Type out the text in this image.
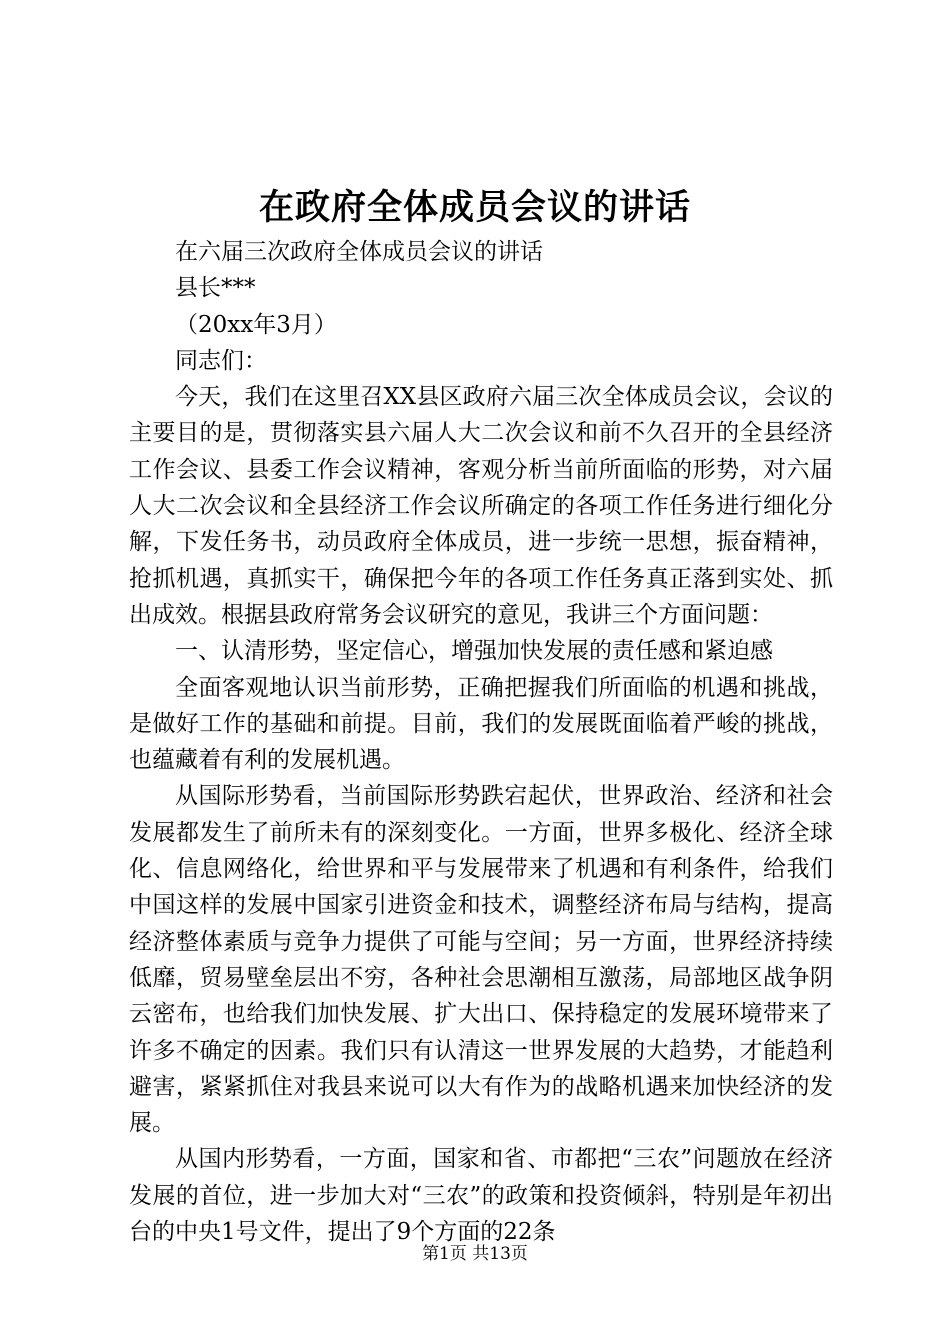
在政府全体成员会议的讲话

在六届三次政府全体成员会议的讲话

县长***

（20xx年3月）

同志们：

今天，我们在这里召XX县区政府六届三次全体成员会议，会议的主要目的是，贯彻落实县六届人大二次会议和前不久召开的全县经济工作会议、县委工作会议精神，客观分析当前所面临的形势，对六届人大二次会议和全县经济工作会议所确定的各项工作任务进行细化分解，下发任务书，动员政府全体成员，进一步统一思想，振奋精神，抢抓机遇，真抓实干，确保把今年的各项工作任务真正落到实处、抓出成效。根据县政府常务会议研究的意见，我讲三个方面问题：

一、认清形势，坚定信心，增强加快发展的责任感和紧迫感

全面客观地认识当前形势，正确把握我们所面临的机遇和挑战，是做好工作的基础和前提。目前，我们的发展既面临着严峻的挑战，也蕴藏着有利的发展机遇。

从国际形势看，当前国际形势跌宕起伏，世界政治、经济和社会发展都发生了前所未有的深刻变化。一方面，世界多极化、经济全球化、信息网络化，给世界和平与发展带来了机遇和有利条件，给我们中国这样的发展中国家引进资金和技术，调整经济布局与结构，提高经济整体素质与竞争力提供了可能与空间；另一方面，世界经济持续低靡，贸易壁垒层出不穷，各种社会思潮相互激荡，局部地区战争阴云密布，也给我们加快发展、扩大出口、保持稳定的发展环境带来了许多不确定的因素。我们只有认清这一世界发展的大趋势，才能趋利避害，紧紧抓住对我县来说可以大有作为的战略机遇来加快经济的发展。

从国内形势看，一方面，国家和省、市都把“三农”问题放在经济发展的首位，进一步加大对“三农”的政策和投资倾斜，特别是年初出台的中央1号文件，提出了9个方面的22条

第1页 共13页
